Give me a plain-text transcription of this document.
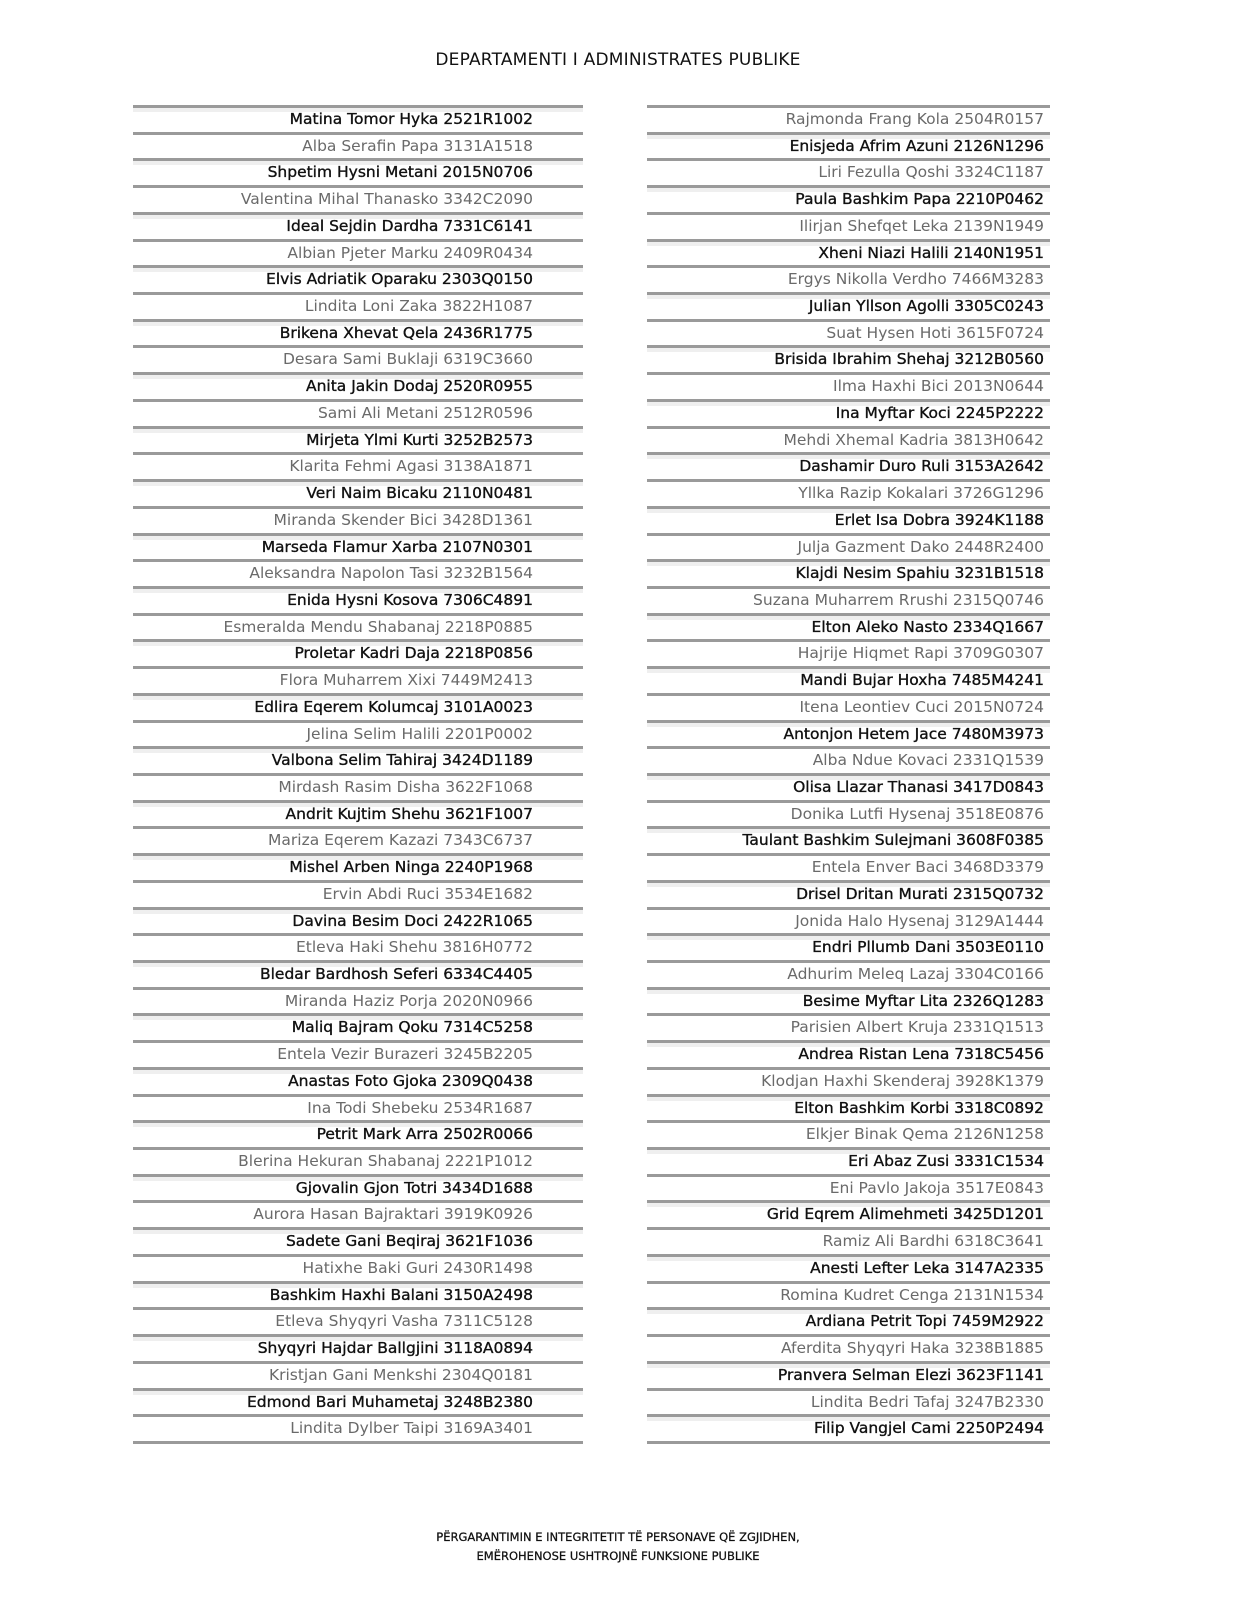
DEPARTAMENTI I ADMINISTRATES PUBLIKE
Matina Tomor Hyka 2521R1002
Alba Serafin Papa 3131A1518
Shpetim Hysni Metani 2015N0706
Valentina Mihal Thanasko 3342C2090
Ideal Sejdin Dardha 7331C6141
Albian Pjeter Marku 2409R0434
Elvis Adriatik Oparaku 2303Q0150
Lindita Loni Zaka 3822H1087
Brikena Xhevat Qela 2436R1775
Desara Sami Buklaji 6319C3660
Anita Jakin Dodaj 2520R0955
Sami Ali Metani 2512R0596
Mirjeta Ylmi Kurti 3252B2573
Klarita Fehmi Agasi 3138A1871
Veri Naim Bicaku 2110N0481
Miranda Skender Bici 3428D1361
Marseda Flamur Xarba 2107N0301
Aleksandra Napolon Tasi 3232B1564
Enida Hysni Kosova 7306C4891
Esmeralda Mendu Shabanaj 2218P0885
Proletar Kadri Daja 2218P0856
Flora Muharrem Xixi 7449M2413
Edlira Eqerem Kolumcaj 3101A0023
Jelina Selim Halili 2201P0002
Valbona Selim Tahiraj 3424D1189
Mirdash Rasim Disha 3622F1068
Andrit Kujtim Shehu 3621F1007
Mariza Eqerem Kazazi 7343C6737
Mishel Arben Ninga 2240P1968
Ervin Abdi Ruci 3534E1682
Davina Besim Doci 2422R1065
Etleva Haki Shehu 3816H0772
Bledar Bardhosh Seferi 6334C4405
Miranda Haziz Porja 2020N0966
Maliq Bajram Qoku 7314C5258
Entela Vezir Burazeri 3245B2205
Anastas Foto Gjoka 2309Q0438
Ina Todi Shebeku 2534R1687
Petrit Mark Arra 2502R0066
Blerina Hekuran Shabanaj 2221P1012
Gjovalin Gjon Totri 3434D1688
Aurora Hasan Bajraktari 3919K0926
Sadete Gani Beqiraj 3621F1036
Hatixhe Baki Guri 2430R1498
Bashkim Haxhi Balani 3150A2498
Etleva Shyqyri Vasha 7311C5128
Shyqyri Hajdar Ballgjini 3118A0894
Kristjan Gani Menkshi 2304Q0181
Edmond Bari Muhametaj 3248B2380
Lindita Dylber Taipi 3169A3401
Rajmonda Frang Kola 2504R0157
Enisjeda Afrim Azuni 2126N1296
Liri Fezulla Qoshi 3324C1187
Paula Bashkim Papa 2210P0462
Ilirjan Shefqet Leka 2139N1949
Xheni Niazi Halili 2140N1951
Ergys Nikolla Verdho 7466M3283
Julian Yllson Agolli 3305C0243
Suat Hysen Hoti 3615F0724
Brisida Ibrahim Shehaj 3212B0560
Ilma Haxhi Bici 2013N0644
Ina Myftar Koci 2245P2222
Mehdi Xhemal Kadria 3813H0642
Dashamir Duro Ruli 3153A2642
Yllka Razip Kokalari 3726G1296
Erlet Isa Dobra 3924K1188
Julja Gazment Dako 2448R2400
Klajdi Nesim Spahiu 3231B1518
Suzana Muharrem Rrushi 2315Q0746
Elton Aleko Nasto 2334Q1667
Hajrije Hiqmet Rapi 3709G0307
Mandi Bujar Hoxha 7485M4241
Itena Leontiev Cuci 2015N0724
Antonjon Hetem Jace 7480M3973
Alba Ndue Kovaci 2331Q1539
Olisa Llazar Thanasi 3417D0843
Donika Lutfi Hysenaj 3518E0876
Taulant Bashkim Sulejmani 3608F0385
Entela Enver Baci 3468D3379
Drisel Dritan Murati 2315Q0732
Jonida Halo Hysenaj 3129A1444
Endri Pllumb Dani 3503E0110
Adhurim Meleq Lazaj 3304C0166
Besime Myftar Lita 2326Q1283
Parisien Albert Kruja 2331Q1513
Andrea Ristan Lena 7318C5456
Klodjan Haxhi Skenderaj 3928K1379
Elton Bashkim Korbi 3318C0892
Elkjer Binak Qema 2126N1258
Eri Abaz Zusi 3331C1534
Eni Pavlo Jakoja 3517E0843
Grid Eqrem Alimehmeti 3425D1201
Ramiz Ali Bardhi 6318C3641
Anesti Lefter Leka 3147A2335
Romina Kudret Cenga 2131N1534
Ardiana Petrit Topi 7459M2922
Aferdita Shyqyri Haka 3238B1885
Pranvera Selman Elezi 3623F1141
Lindita Bedri Tafaj 3247B2330
Filip Vangjel Cami 2250P2494
PËRGARANTIMIN E INTEGRITETIT TË PERSONAVE QË ZGJIDHEN,
EMËROHENOSE USHTROJNË FUNKSIONE PUBLIKE
